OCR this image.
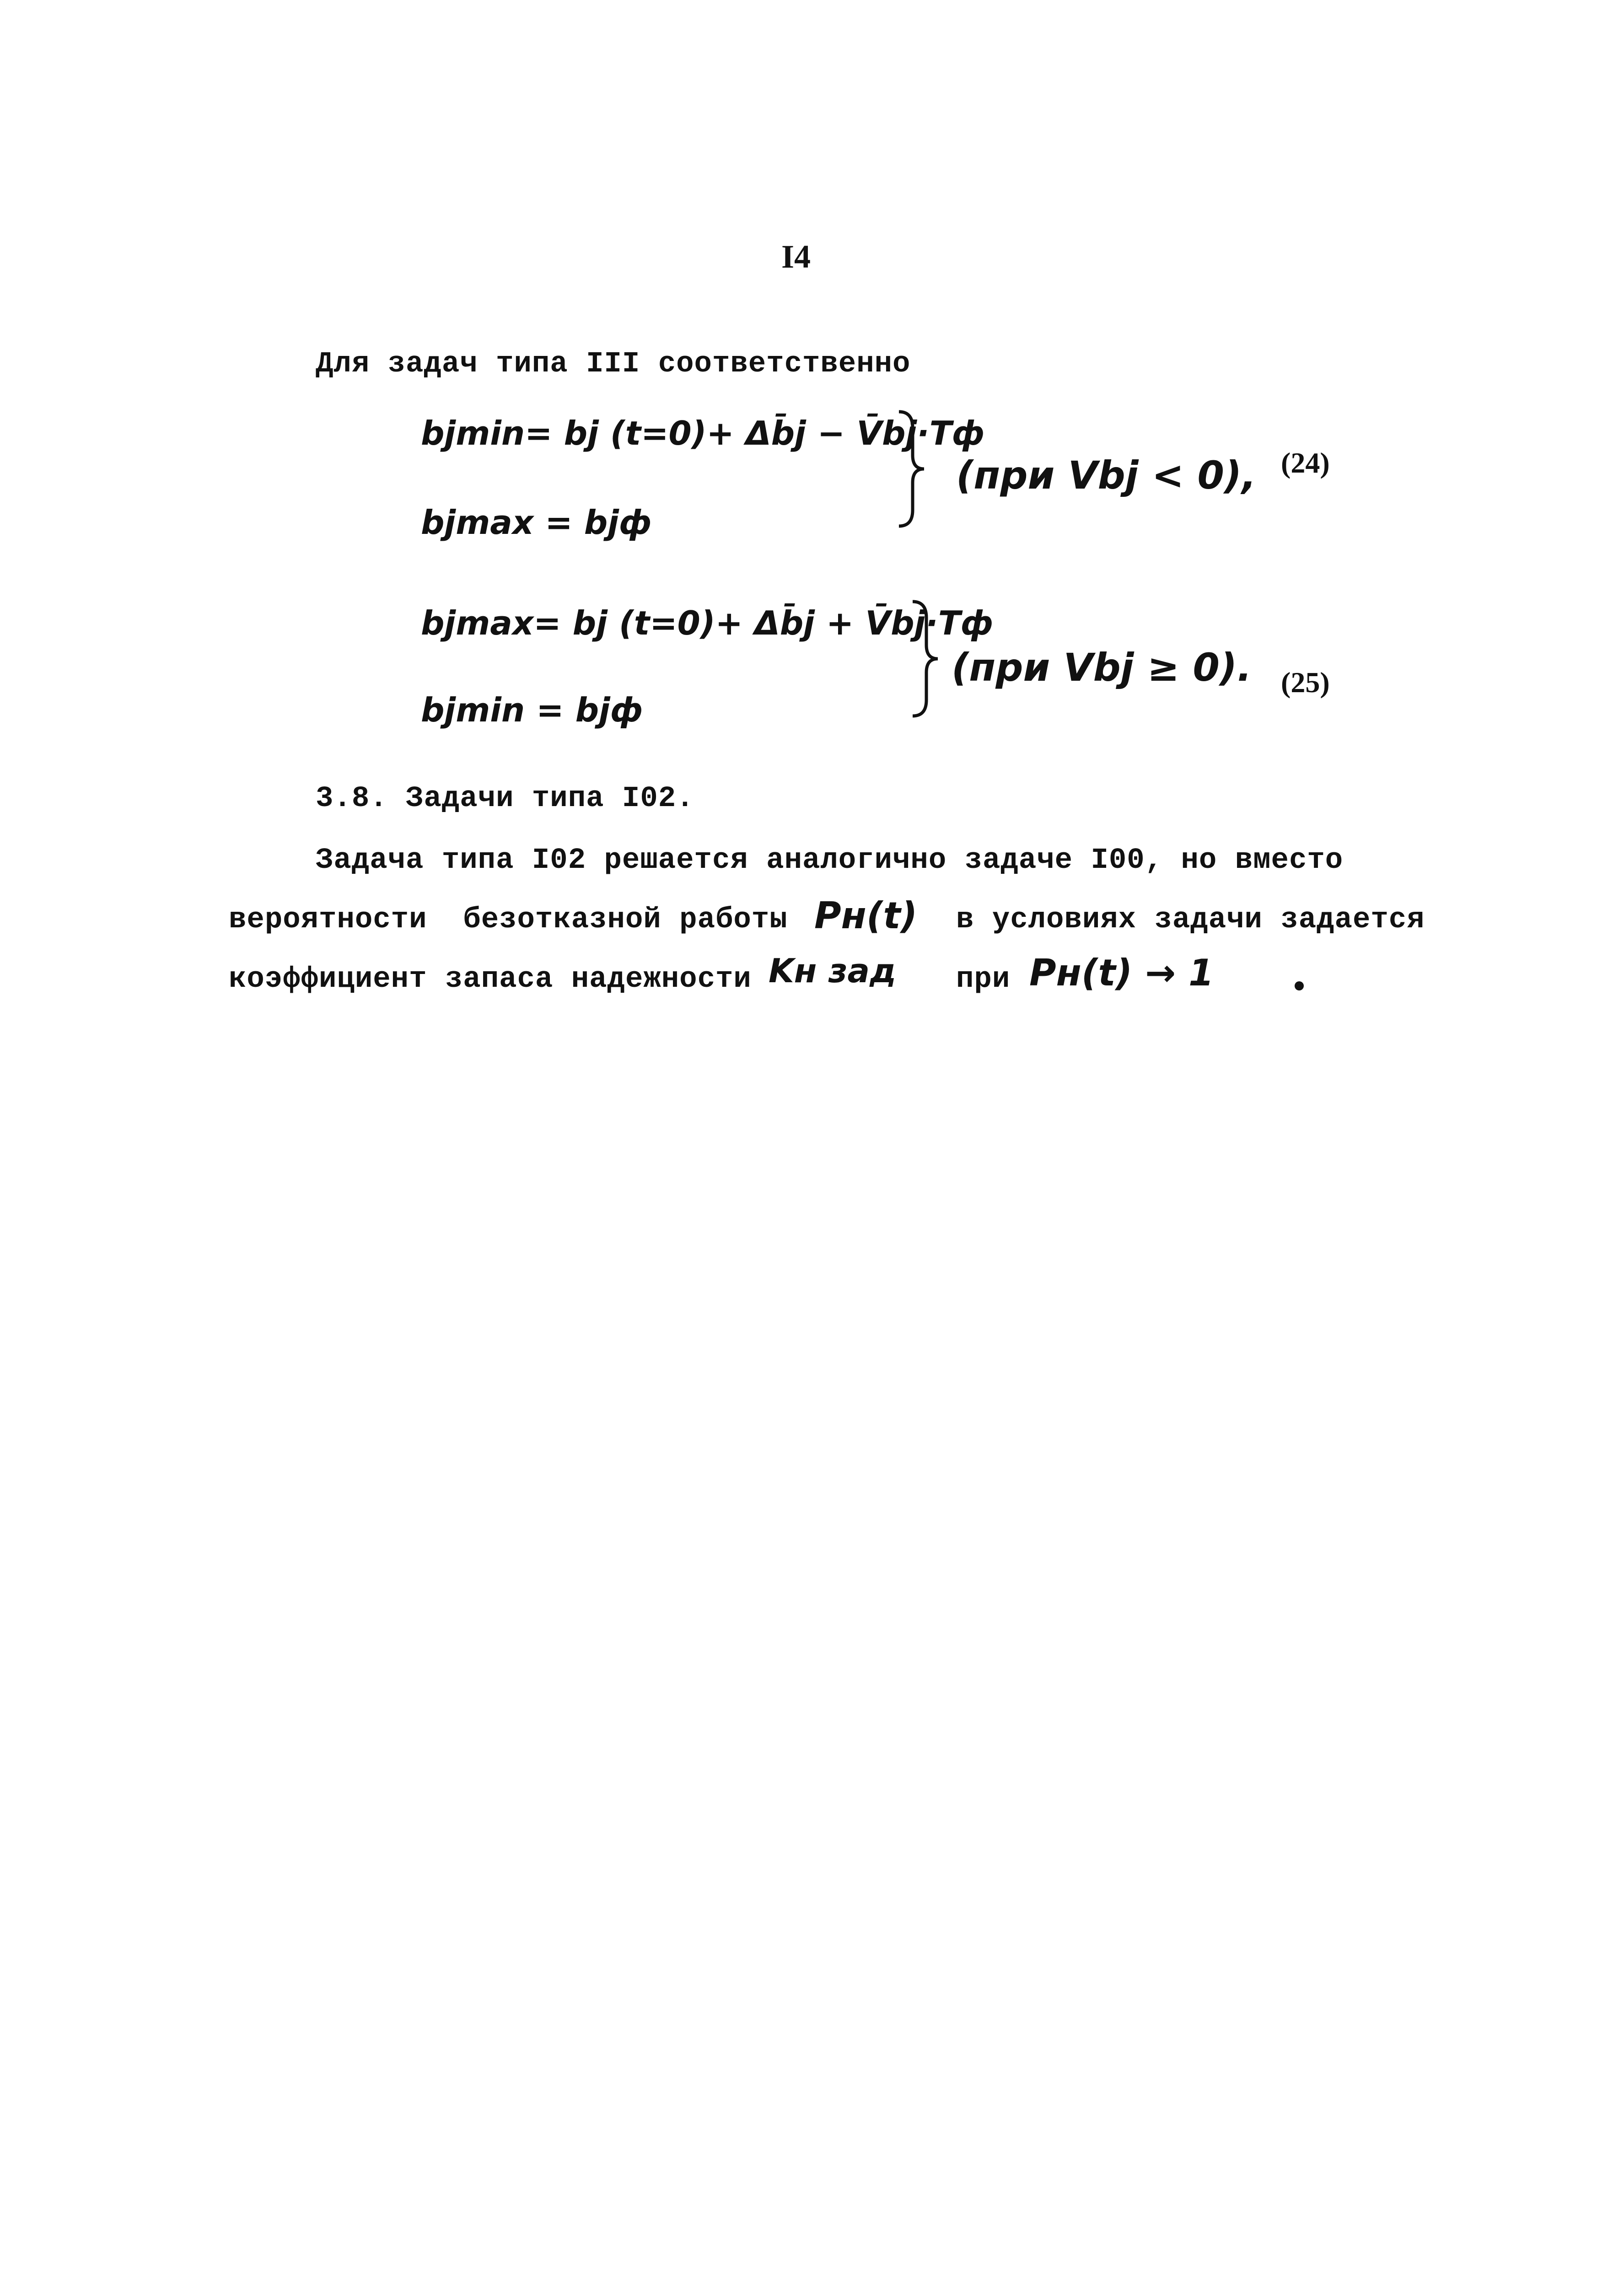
I4
Для задач типа III соответственно
bjmin= bj (t=0)+ Δb̄j − V̄bj·Tф
bjmax = bjф
(при Vbj < 0), (24)
bjmax= bj (t=0)+ Δb̄j + V̄bj·Tф
bjmin = bjф
(при Vbj ≥ 0). (25)
3.8. Задачи типа I02.
Задача типа I02 решается аналогично задаче I00, но вместо
вероятности  безотказной работы Pн(t) в условиях задачи задается
коэффициент запаса надежности Kн зад при Pн(t) → 1
